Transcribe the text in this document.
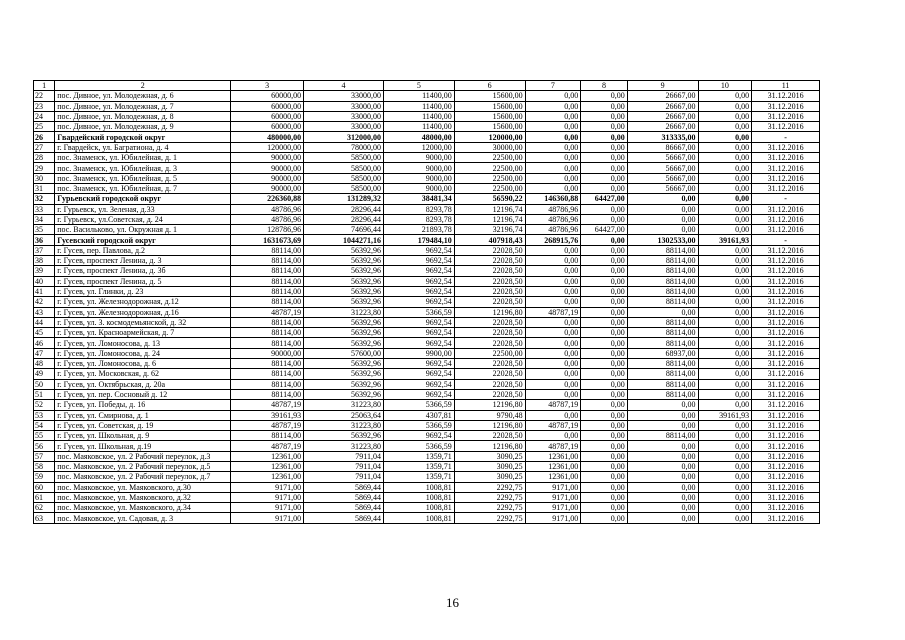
1	2	3	4	5	6	7	8	9	10	11
22	пос. Дивное, ул. Молодежная, д. 6	60000,00	33000,00	11400,00	15600,00	0,00	0,00	26667,00	0,00	31.12.2016
23	пос. Дивное, ул. Молодежная, д. 7	60000,00	33000,00	11400,00	15600,00	0,00	0,00	26667,00	0,00	31.12.2016
24	пос. Дивное, ул. Молодежная, д. 8	60000,00	33000,00	11400,00	15600,00	0,00	0,00	26667,00	0,00	31.12.2016
25	пос. Дивное, ул. Молодежная, д. 9	60000,00	33000,00	11400,00	15600,00	0,00	0,00	26667,00	0,00	31.12.2016
26	Гвардейский городской округ	480000,00	312000,00	48000,00	120000,00	0,00	0,00	313335,00	0,00	-
27	г. Гвардейск, ул. Багратиона, д. 4	120000,00	78000,00	12000,00	30000,00	0,00	0,00	86667,00	0,00	31.12.2016
28	пос. Знаменск, ул. Юбилейная, д. 1	90000,00	58500,00	9000,00	22500,00	0,00	0,00	56667,00	0,00	31.12.2016
29	пос. Знаменск, ул. Юбилейная, д. 3	90000,00	58500,00	9000,00	22500,00	0,00	0,00	56667,00	0,00	31.12.2016
30	пос. Знаменск, ул. Юбилейная, д. 5	90000,00	58500,00	9000,00	22500,00	0,00	0,00	56667,00	0,00	31.12.2016
31	пос. Знаменск, ул. Юбилейная, д. 7	90000,00	58500,00	9000,00	22500,00	0,00	0,00	56667,00	0,00	31.12.2016
32	Гурьевский городской округ	226360,88	131289,32	38481,34	56590,22	146360,88	64427,00	0,00	0,00	-
33	г. Гурьевск, ул. Зеленая, д.33	48786,96	28296,44	8293,78	12196,74	48786,96	0,00	0,00	0,00	31.12.2016
34	г. Гурьевск, ул.Советская, д. 24	48786,96	28296,44	8293,78	12196,74	48786,96	0,00	0,00	0,00	31.12.2016
35	пос. Васильково, ул. Окружная д. 1	128786,96	74696,44	21893,78	32196,74	48786,96	64427,00	0,00	0,00	31.12.2016
36	Гусевский городской округ	1631673,69	1044271,16	179484,10	407918,43	268915,76	0,00	1302533,00	39161,93	-
37	г. Гусев, пер. Павлова, д.2	88114,00	56392,96	9692,54	22028,50	0,00	0,00	88114,00	0,00	31.12.2016
38	г. Гусев, проспект Ленина, д. 3	88114,00	56392,96	9692,54	22028,50	0,00	0,00	88114,00	0,00	31.12.2016
39	г. Гусев, проспект Ленина, д. 3б	88114,00	56392,96	9692,54	22028,50	0,00	0,00	88114,00	0,00	31.12.2016
40	г. Гусев, проспект Ленина, д. 5	88114,00	56392,96	9692,54	22028,50	0,00	0,00	88114,00	0,00	31.12.2016
41	г. Гусев, ул. Глинки, д. 23	88114,00	56392,96	9692,54	22028,50	0,00	0,00	88114,00	0,00	31.12.2016
42	г. Гусев, ул. Железнодорожная, д.12	88114,00	56392,96	9692,54	22028,50	0,00	0,00	88114,00	0,00	31.12.2016
43	г. Гусев, ул. Железнодорожная, д.16	48787,19	31223,80	5366,59	12196,80	48787,19	0,00	0,00	0,00	31.12.2016
44	г. Гусев, ул. З. космодемьянской, д. 32	88114,00	56392,96	9692,54	22028,50	0,00	0,00	88114,00	0,00	31.12.2016
45	г. Гусев, ул. Красноармейская, д. 7	88114,00	56392,96	9692,54	22028,50	0,00	0,00	88114,00	0,00	31.12.2016
46	г. Гусев, ул. Ломоносова, д. 13	88114,00	56392,96	9692,54	22028,50	0,00	0,00	88114,00	0,00	31.12.2016
47	г. Гусев, ул. Ломоносова, д. 24	90000,00	57600,00	9900,00	22500,00	0,00	0,00	68937,00	0,00	31.12.2016
48	г. Гусев, ул. Ломоносова, д. 6	88114,00	56392,96	9692,54	22028,50	0,00	0,00	88114,00	0,00	31.12.2016
49	г. Гусев, ул. Московская, д. 62	88114,00	56392,96	9692,54	22028,50	0,00	0,00	88114,00	0,00	31.12.2016
50	г. Гусев, ул. Октябрьская, д. 20а	88114,00	56392,96	9692,54	22028,50	0,00	0,00	88114,00	0,00	31.12.2016
51	г. Гусев, ул. пер. Сосновый д. 12	88114,00	56392,96	9692,54	22028,50	0,00	0,00	88114,00	0,00	31.12.2016
52	г. Гусев, ул. Победы, д. 16	48787,19	31223,80	5366,59	12196,80	48787,19	0,00	0,00	0,00	31.12.2016
53	г. Гусев, ул. Смирнова, д. 1	39161,93	25063,64	4307,81	9790,48	0,00	0,00	0,00	39161,93	31.12.2016
54	г. Гусев, ул. Советская, д. 19	48787,19	31223,80	5366,59	12196,80	48787,19	0,00	0,00	0,00	31.12.2016
55	г. Гусев, ул. Школьная, д. 9	88114,00	56392,96	9692,54	22028,50	0,00	0,00	88114,00	0,00	31.12.2016
56	г. Гусев, ул. Школьная, д.19	48787,19	31223,80	5366,59	12196,80	48787,19	0,00	0,00	0,00	31.12.2016
57	пос. Маяковское, ул. 2 Рабочий переулок, д.3	12361,00	7911,04	1359,71	3090,25	12361,00	0,00	0,00	0,00	31.12.2016
58	пос. Маяковское, ул. 2 Рабочий переулок, д.5	12361,00	7911,04	1359,71	3090,25	12361,00	0,00	0,00	0,00	31.12.2016
59	пос. Маяковское, ул. 2 Рабочий переулок, д.7	12361,00	7911,04	1359,71	3090,25	12361,00	0,00	0,00	0,00	31.12.2016
60	пос. Маяковское, ул. Маяковского, д.30	9171,00	5869,44	1008,81	2292,75	9171,00	0,00	0,00	0,00	31.12.2016
61	пос. Маяковское, ул. Маяковского, д.32	9171,00	5869,44	1008,81	2292,75	9171,00	0,00	0,00	0,00	31.12.2016
62	пос. Маяковское, ул. Маяковского, д.34	9171,00	5869,44	1008,81	2292,75	9171,00	0,00	0,00	0,00	31.12.2016
63	пос. Маяковское, ул. Садовая, д. 3	9171,00	5869,44	1008,81	2292,75	9171,00	0,00	0,00	0,00	31.12.2016
16
